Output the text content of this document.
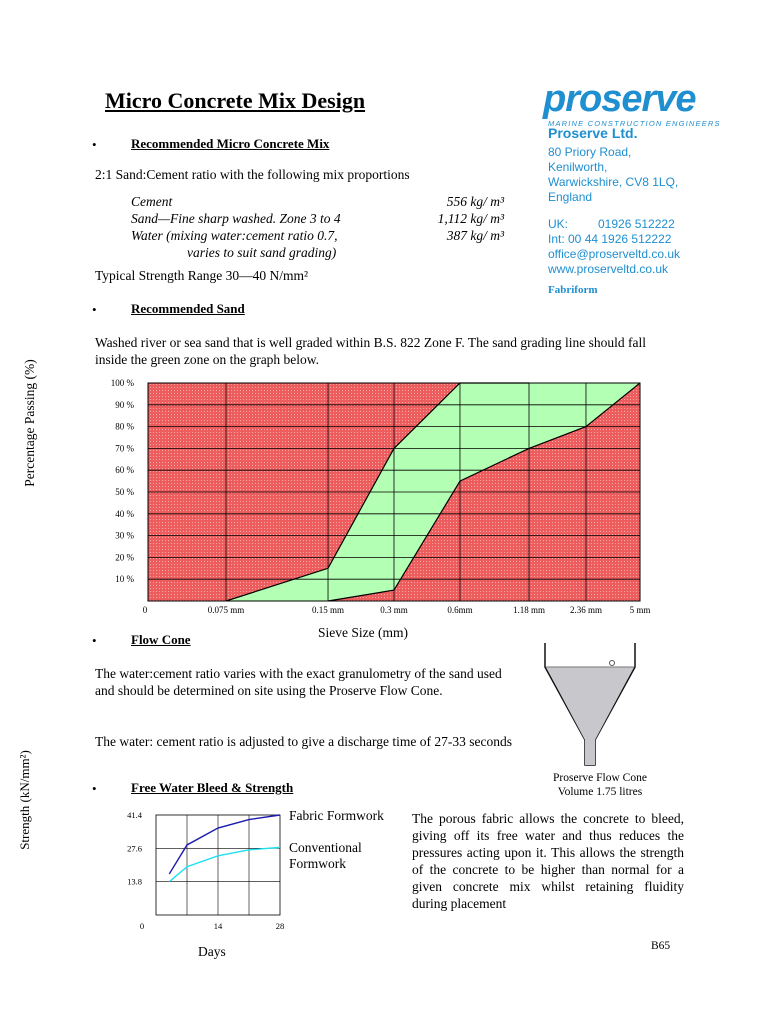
Micro Concrete Mix Design	proserve
MARINE CONSTRUCTION ENGINEERS
Proserve Ltd.
80 Priory Road,
Kenilworth,
Warwickshire, CV8 1LQ,
England
UK: 01926 512222
Int: 00 44 1926 512222
office@proserveltd.co.uk
www.proserveltd.co.uk
Fabriform
•	Recommended Micro Concrete Mix
2:1 Sand:Cement ratio with the following mix proportions
Cement	556 kg/ m³
Sand—Fine sharp washed. Zone 3 to 4	1,112 kg/ m³
Water (mixing water:cement ratio 0.7,	387 kg/ m³
varies to suit sand grading)
Typical Strength Range 30—40 N/mm²
•	Recommended Sand
Washed river or sea sand that is well graded within B.S. 822 Zone F. The sand grading line should fall inside the green zone on the graph below.
10 %
20 %
30 %
40 %
50 %
60 %
70 %
80 %
90 %
100 %
0	0.075 mm	0.15 mm	0.3 mm	0.6mm	1.18 mm	2.36 mm	5 mm
Sieve Size (mm)
Percentage Passing (%)
•	Flow Cone
The water:cement ratio varies with the exact granulometry of the sand used and should be determined on site using the Proserve Flow Cone.
The water: cement ratio is adjusted to give a discharge time of 27-33 seconds
Proserve Flow Cone
Volume 1.75 litres
•	Free Water Bleed & Strength
13.8
27.6
41.4
0	14	28
Strength (kN/mm²)
Days
Fabric Formwork
Conventional
Formwork
The porous fabric allows the concrete to bleed, giving off its free water and thus reduces the pressures acting upon it. This allows the strength of the concrete to be higher than normal for a given concrete mix whilst retaining fluidity during placement
B65
